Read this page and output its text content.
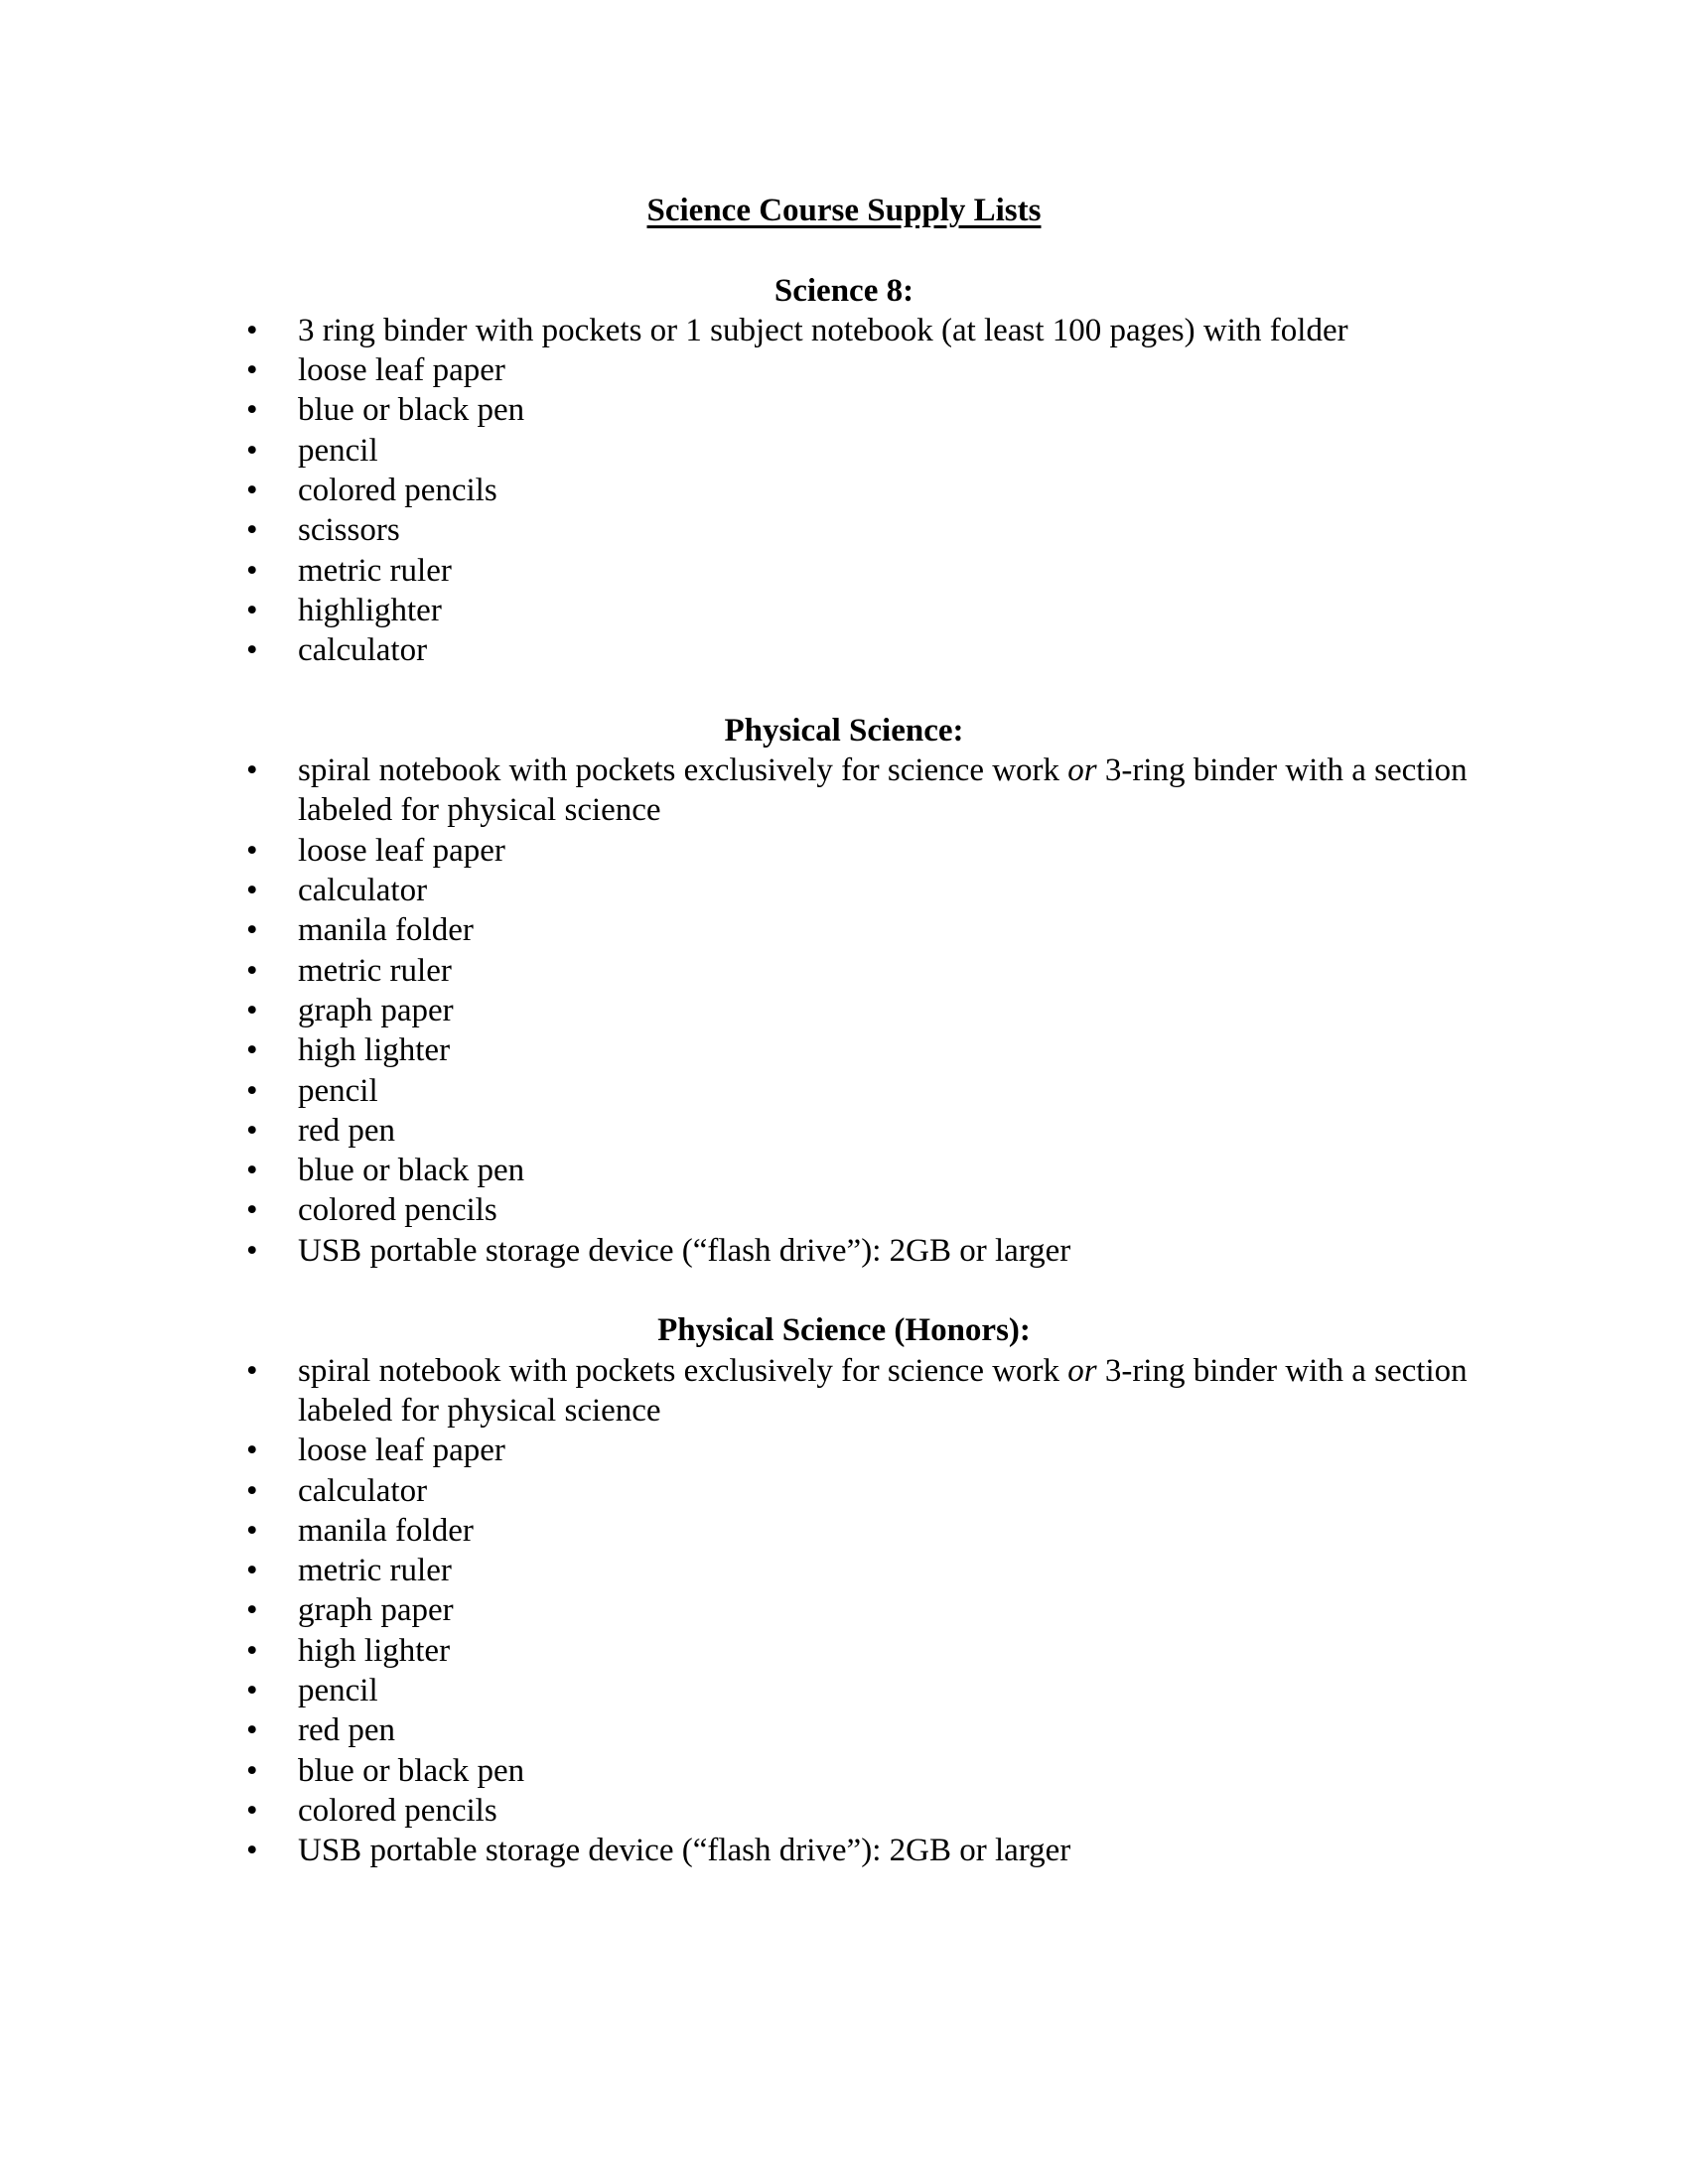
Science Course Supply Lists
Science 8:
• 3 ring binder with pockets or 1 subject notebook (at least 100 pages) with folder
• loose leaf paper
• blue or black pen
• pencil
• colored pencils
• scissors
• metric ruler
• highlighter
• calculator
Physical Science:
• spiral notebook with pockets exclusively for science work or 3-ring binder with a section
labeled for physical science
• loose leaf paper
• calculator
• manila folder
• metric ruler
• graph paper
• high lighter
• pencil
• red pen
• blue or black pen
• colored pencils
• USB portable storage device (“flash drive”): 2GB or larger
Physical Science (Honors):
• spiral notebook with pockets exclusively for science work or 3-ring binder with a section
labeled for physical science
• loose leaf paper
• calculator
• manila folder
• metric ruler
• graph paper
• high lighter
• pencil
• red pen
• blue or black pen
• colored pencils
• USB portable storage device (“flash drive”): 2GB or larger
